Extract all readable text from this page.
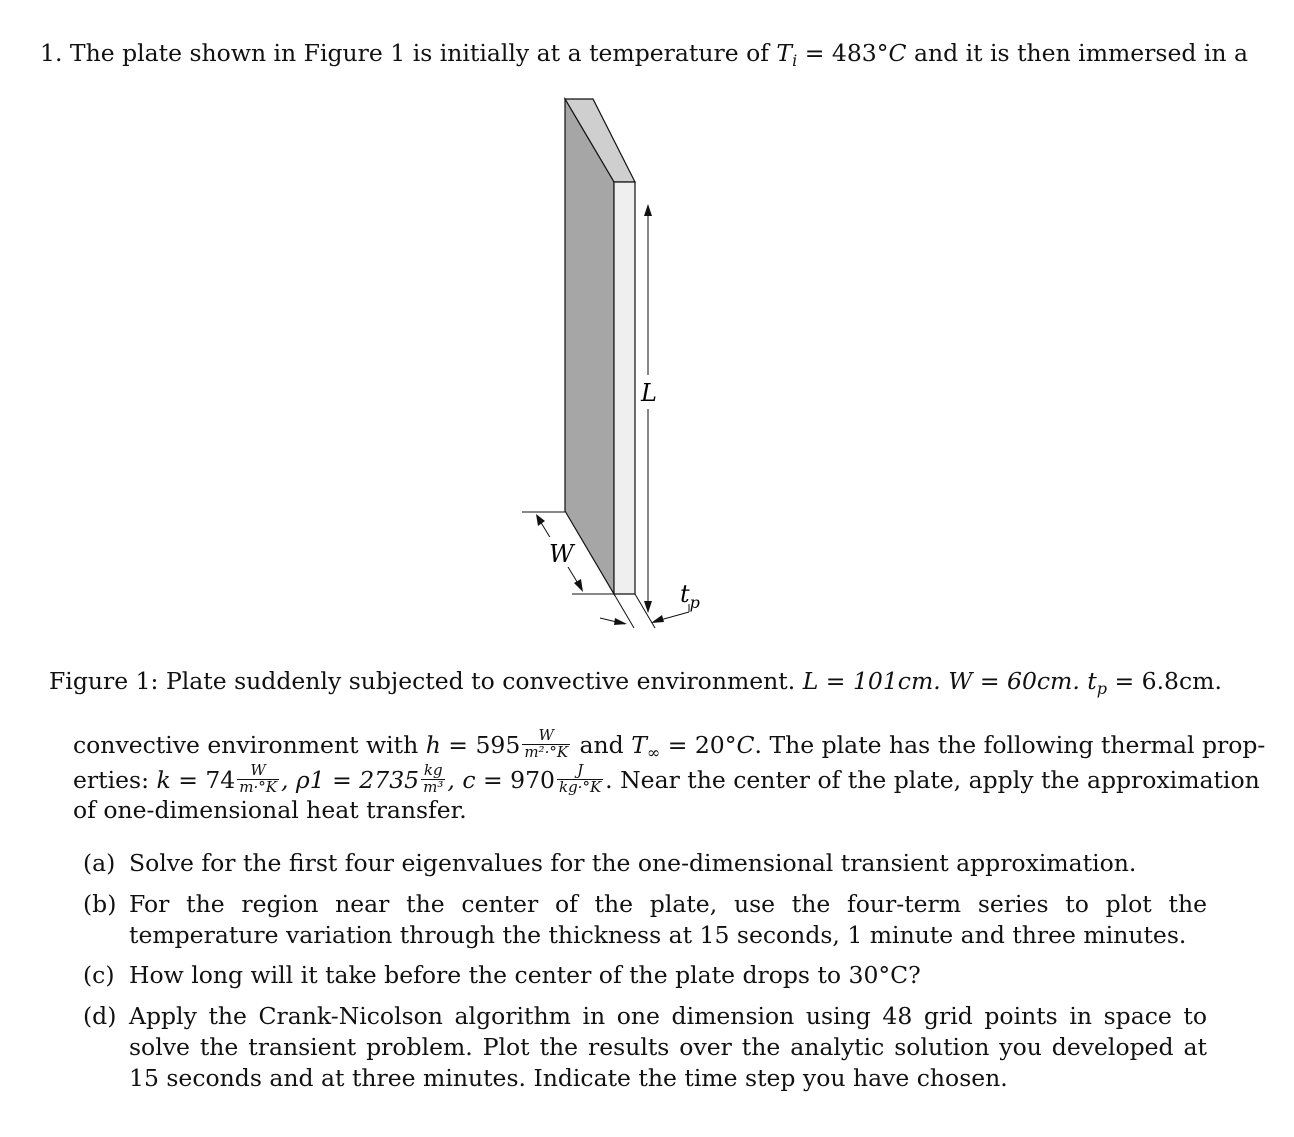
1. The plate shown in Figure 1 is initially at a temperature of $T_i = 483^\circ C$ and it is then immersed in a
L
W
$t_p$
Figure 1: Plate suddenly subjected to convective environment. L = 101cm. W = 60cm. $t_p = 6.8cm$.
convective environment with $h = 595 \frac{W}{\text{m²·°K}}$ and $T_\infty = 20^\circ C$. The plate has the following thermal prop-
erties: $k = 74 \frac{W}{m\cdot^\circ K}$ , $\rho 1 = 2735 \frac{kg}{\text{m³}}$ , $c = 970 \frac{J}{kg\cdot^\circ K}$ . Near the center of the plate, apply the approximation
of one-dimensional heat transfer.
(a) Solve for the first four eigenvalues for the one-dimensional transient approximation.
(b) For the region near the center of the plate, use the four-term series to plot the temperature variation through the thickness at 15 seconds, 1 minute and three minutes.
(c) How long will it take before the center of the plate drops to 30°C?
(d) Apply the Crank-Nicolson algorithm in one dimension using 48 grid points in space to solve the transient problem. Plot the results over the analytic solution you developed at 15 seconds and at three minutes. Indicate the time step you have chosen.
